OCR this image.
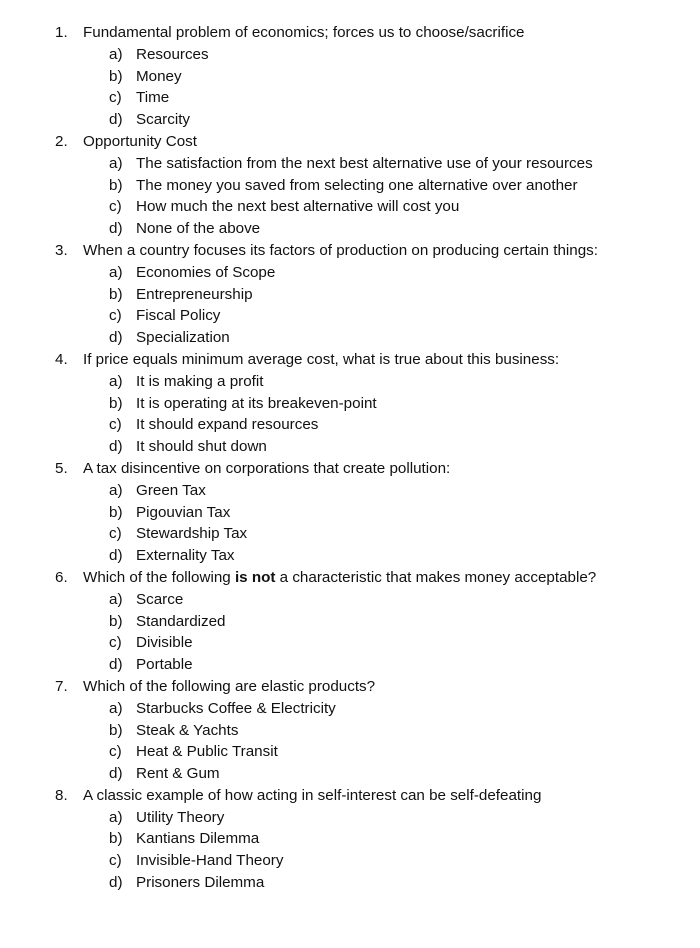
1. Fundamental problem of economics; forces us to choose/sacrifice
a) Resources
b) Money
c) Time
d) Scarcity
2. Opportunity Cost
a) The satisfaction from the next best alternative use of your resources
b) The money you saved from selecting one alternative over another
c) How much the next best alternative will cost you
d) None of the above
3. When a country focuses its factors of production on producing certain things:
a) Economies of Scope
b) Entrepreneurship
c) Fiscal Policy
d) Specialization
4. If price equals minimum average cost, what is true about this business:
a) It is making a profit
b) It is operating at its breakeven-point
c) It should expand resources
d) It should shut down
5. A tax disincentive on corporations that create pollution:
a) Green Tax
b) Pigouvian Tax
c) Stewardship Tax
d) Externality Tax
6. Which of the following is not a characteristic that makes money acceptable?
a) Scarce
b) Standardized
c) Divisible
d) Portable
7. Which of the following are elastic products?
a) Starbucks Coffee & Electricity
b) Steak & Yachts
c) Heat & Public Transit
d) Rent & Gum
8. A classic example of how acting in self-interest can be self-defeating
a) Utility Theory
b) Kantians Dilemma
c) Invisible-Hand Theory
d) Prisoners Dilemma
